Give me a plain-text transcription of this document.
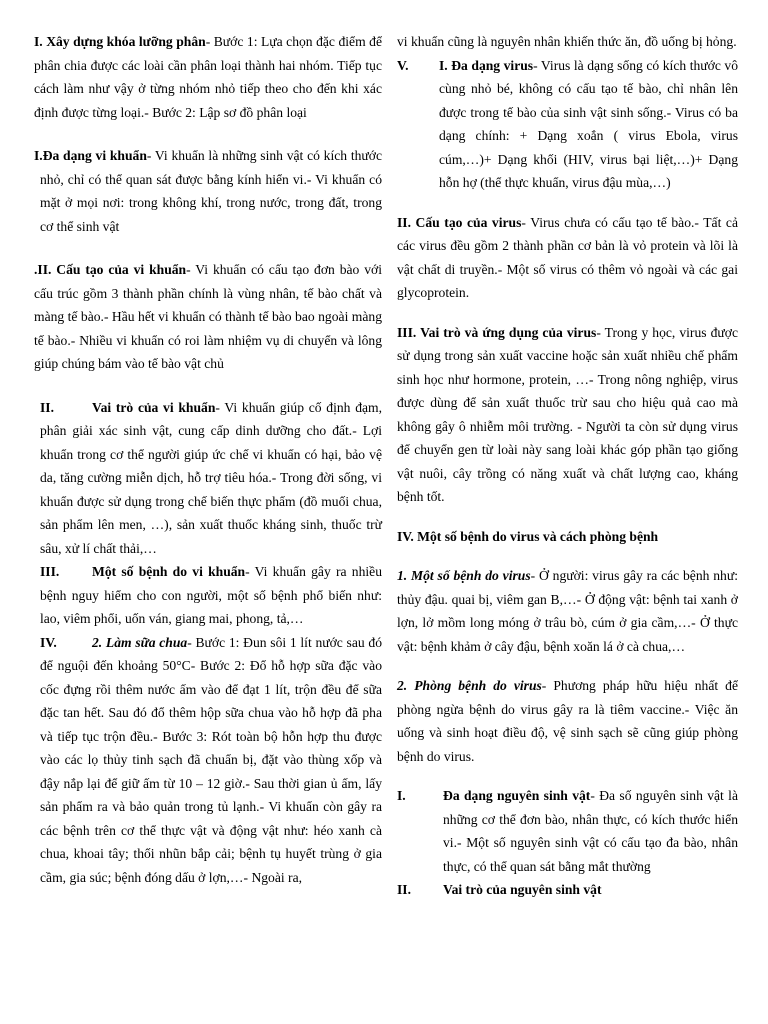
I. Xây dựng khóa lưỡng phân- Bước 1: Lựa chọn đặc điểm để phân chia được các loài cần phân loại thành hai nhóm. Tiếp tục cách làm như vậy ở từng nhóm nhỏ tiếp theo cho đến khi xác định được từng loại.- Bước 2: Lập sơ đồ phân loại

I.Đa dạng vi khuẩn- Vi khuẩn là những sinh vật có kích thước nhỏ, chỉ có thể quan sát được bằng kính hiển vi.- Vi khuẩn có mặt ở mọi nơi: trong không khí, trong nước, trong đất, trong cơ thể sinh vật

.II. Cấu tạo của vi khuẩn- Vi khuẩn có cấu tạo đơn bào với cấu trúc gồm 3 thành phần chính là vùng nhân, tế bào chất và màng tế bào.- Hầu hết vi khuẩn có thành tế bào bao ngoài màng tế bào.- Nhiều vi khuẩn có roi làm nhiệm vụ di chuyển và lông giúp chúng bám vào tế bào vật chủ

II.	Vai trò của vi khuẩn- Vi khuẩn giúp cố định đạm, phân giải xác sinh vật, cung cấp dinh dưỡng cho đất.- Lợi khuẩn trong cơ thể người giúp ức chế vi khuẩn có hại, bảo vệ da, tăng cường miễn dịch, hỗ trợ tiêu hóa.- Trong đời sống, vi khuẩn được sử dụng trong chế biến thực phẩm (đồ muối chua, sản phẩm lên men, …), sản xuất thuốc kháng sinh, thuốc trừ sâu, xử lí chất thải,…
III. Một số bệnh do vi khuẩn- Vi khuẩn gây ra nhiều bệnh nguy hiểm cho con người, một số bệnh phổ biến như: lao, viêm phổi, uốn ván, giang mai, phong, tả,…
IV.	2. Làm sữa chua- Bước 1: Đun sôi 1 lít nước sau đó để nguội đến khoảng 50°C- Bước 2: Đổ hỗ hợp sữa đặc vào cốc đựng rồi thêm nước ấm vào để đạt 1 lít, trộn đều để sữa đặc tan hết. Sau đó đổ thêm hộp sữa chua vào hỗ hợp đã pha và tiếp tục trộn đều.- Bước 3: Rót toàn bộ hỗn hợp thu được vào các lọ thủy tinh sạch đã chuẩn bị, đặt vào thùng xốp và đậy nắp lại để giữ ấm từ 10 – 12 giờ.- Sau thời gian ủ ấm, lấy sản phẩm ra và bảo quản trong tủ lạnh.- Vi khuẩn còn gây ra các bệnh trên cơ thể thực vật và động vật như: héo xanh cà chua, khoai tây; thối nhũn bắp cải; bệnh tụ huyết trùng ở gia cầm, gia súc; bệnh đóng dấu ở lợn,…- Ngoài ra,

vi khuẩn cũng là nguyên nhân khiến thức ăn, đồ uống bị hỏng.

V.	I. Đa dạng virus- Virus là dạng sống có kích thước vô cùng nhỏ bé, không có cấu tạo tế bào, chỉ nhân lên được trong tế bào của sinh vật sinh sống.- Virus có ba dạng chính: + Dạng xoắn ( virus Ebola, virus cúm,…)+ Dạng khối (HIV, virus bại liệt,…)+ Dạng hỗn hợ (thể thực khuẩn, virus đậu mùa,…)

II. Cấu tạo của virus- Virus chưa có cấu tạo tế bào.- Tất cả các virus đều gồm 2 thành phần cơ bản là vỏ protein và lõi là vật chất di truyền.- Một số virus có thêm vỏ ngoài và các gai glycoprotein.

III. Vai trò và ứng dụng của virus- Trong y học, virus được sử dụng trong sản xuất vaccine hoặc sản xuất nhiều chế phẩm sinh học như hormone, protein, …- Trong nông nghiệp, virus được dùng để sản xuất thuốc trừ sau cho hiệu quả cao mà không gây ô nhiễm môi trường. - Người ta còn sử dụng virus để chuyển gen từ loài này sang loài khác góp phần tạo giống vật nuôi, cây trồng có năng xuất và chất lượng cao, kháng bệnh tốt.

IV. Một số bệnh do virus và cách phòng bệnh

1. Một số bệnh do virus- Ở người: virus gây ra các bệnh như: thủy đậu. quai bị, viêm gan B,…- Ở động vật: bệnh tai xanh ở lợn, lở mồm long móng ở trâu bò, cúm ở gia cầm,…- Ở thực vật: bệnh khảm ở cây đậu, bệnh xoăn lá ở cà chua,…

2. Phòng bệnh do virus- Phương pháp hữu hiệu nhất để phòng ngừa bệnh do virus gây ra là tiêm vaccine.- Việc ăn uống và sinh hoạt điều độ, vệ sinh sạch sẽ cũng giúp phòng bệnh do virus.

I.	Đa dạng nguyên sinh vật- Đa số nguyên sinh vật là những cơ thể đơn bào, nhân thực, có kích thước hiển vi.- Một số nguyên sinh vật có cấu tạo đa bào, nhân thực, có thể quan sát bằng mắt thường
II. Vai trò của nguyên sinh vật
